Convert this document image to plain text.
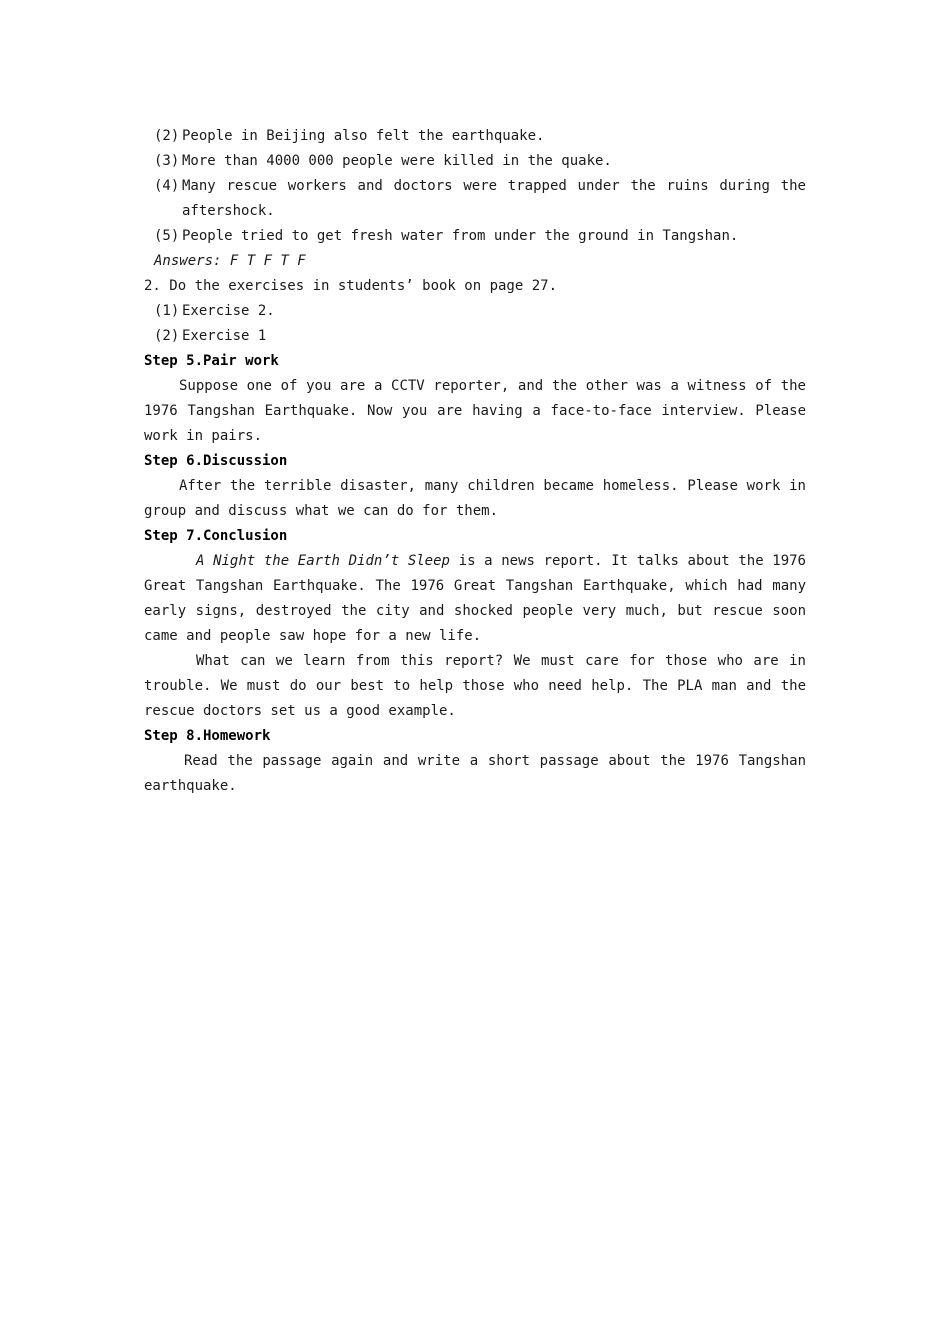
(2) People in Beijing also felt the earthquake.
(3) More than 4000 000 people were killed in the quake.
(4) Many rescue workers and doctors were trapped under the ruins during the aftershock.
(5) People tried to get fresh water from under the ground in Tangshan.
Answers: F T F T F
2. Do the exercises in students’ book on page 27.
(1) Exercise 2.
(2) Exercise 1
Step 5.Pair work
Suppose one of you are a CCTV reporter, and the other was a witness of the 1976 Tangshan Earthquake. Now you are having a face-to-face interview. Please work in pairs.
Step 6.Discussion
After the terrible disaster, many children became homeless. Please work in group and discuss what we can do for them.
Step 7.Conclusion
A Night the Earth Didn’t Sleep is a news report. It talks about the 1976 Great Tangshan Earthquake. The 1976 Great Tangshan Earthquake, which had many early signs, destroyed the city and shocked people very much, but rescue soon came and people saw hope for a new life.
What can we learn from this report? We must care for those who are in trouble. We must do our best to help those who need help. The PLA man and the rescue doctors set us a good example.
Step 8.Homework
Read the passage again and write a short passage about the 1976 Tangshan earthquake.
